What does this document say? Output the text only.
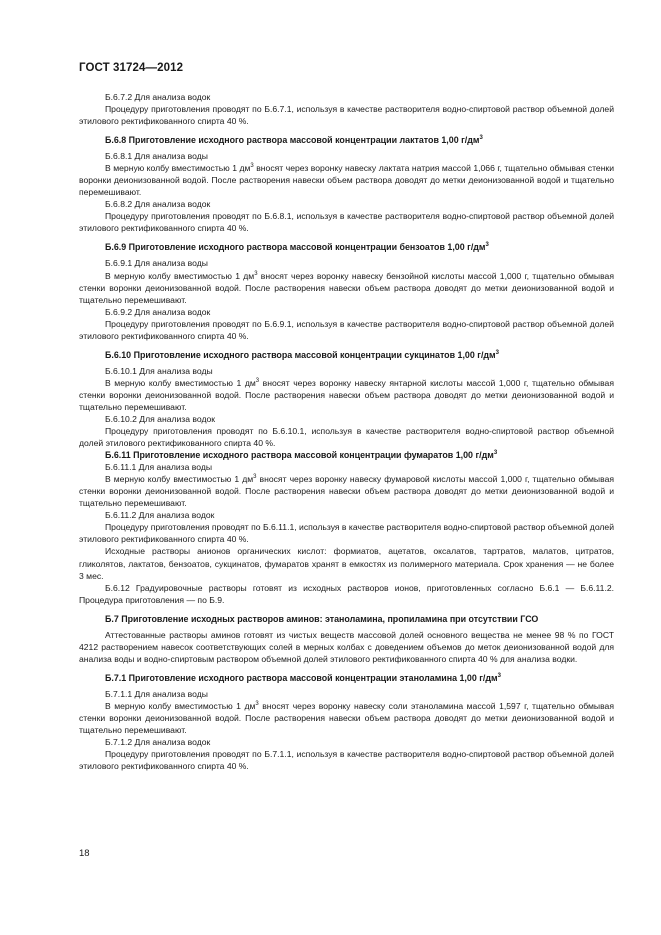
ГОСТ 31724—2012
Б.6.7.2 Для анализа водок
Процедуру приготовления проводят по Б.6.7.1, используя в качестве растворителя водно-спиртовой раствор объемной долей этилового ректификованного спирта 40 %.
Б.6.8 Приготовление исходного раствора массовой концентрации лактатов 1,00 $г/дм^3$
Б.6.8.1 Для анализа воды
В мерную колбу вместимостью 1 $дм^3$ вносят через воронку навеску лактата натрия массой 1,066 г, тщательно обмывая стенки воронки деионизованной водой. После растворения навески объем раствора доводят до метки деионизованной водой и тщательно перемешивают.
Б.6.8.2 Для анализа водок
Процедуру приготовления проводят по Б.6.8.1, используя в качестве растворителя водно-спиртовой раствор объемной долей этилового ректификованного спирта 40 %.
Б.6.9 Приготовление исходного раствора массовой концентрации бензоатов 1,00 $г/дм^3$
Б.6.9.1 Для анализа воды
В мерную колбу вместимостью 1 $дм^3$ вносят через воронку навеску бензойной кислоты массой 1,000 г, тщательно обмывая стенки воронки деионизованной водой. После растворения навески объем раствора доводят до метки деионизованной водой и тщательно перемешивают.
Б.6.9.2 Для анализа водок
Процедуру приготовления проводят по Б.6.9.1, используя в качестве растворителя водно-спиртовой раствор объемной долей этилового ректификованного спирта 40 %.
Б.6.10 Приготовление исходного раствора массовой концентрации сукцинатов 1,00 $г/дм^3$
Б.6.10.1 Для анализа воды
В мерную колбу вместимостью 1 $дм^3$ вносят через воронку навеску янтарной кислоты массой 1,000 г, тщательно обмывая стенки воронки деионизованной водой. После растворения навески объем раствора доводят до метки деионизованной водой и тщательно перемешивают.
Б.6.10.2 Для анализа водок
Процедуру приготовления проводят по Б.6.10.1, используя в качестве растворителя водно-спиртовой раствор объемной долей этилового ректификованного спирта 40 %.
Б.6.11 Приготовление исходного раствора массовой концентрации фумаратов 1,00 $г/дм^3$
Б.6.11.1 Для анализа воды
В мерную колбу вместимостью 1 $дм^3$ вносят через воронку навеску фумаровой кислоты массой 1,000 г, тщательно обмывая стенки воронки деионизованной водой. После растворения навески объем раствора доводят до метки деионизованной водой и тщательно перемешивают.
Б.6.11.2 Для анализа водок
Процедуру приготовления проводят по Б.6.11.1, используя в качестве растворителя водно-спиртовой раствор объемной долей этилового ректификованного спирта 40 %.
Исходные растворы анионов органических кислот: формиатов, ацетатов, оксалатов, тартратов, малатов, цитратов, гликолятов, лактатов, бензоатов, сукцинатов, фумаратов хранят в емкостях из полимерного материала. Срок хранения — не более 3 мес.
Б.6.12 Градуировочные растворы готовят из исходных растворов ионов, приготовленных согласно Б.6.1 — Б.6.11.2. Процедура приготовления — по Б.9.
Б.7 Приготовление исходных растворов аминов: этаноламина, пропиламина при отсутствии ГСО
Аттестованные растворы аминов готовят из чистых веществ массовой долей основного вещества не менее 98 % по ГОСТ 4212 растворением навесок соответствующих солей в мерных колбах с доведением объемов до меток деионизованной водой для анализа воды и водно-спиртовым раствором объемной долей этилового ректификованного спирта 40 % для анализа водки.
Б.7.1 Приготовление исходного раствора массовой концентрации этаноламина 1,00 $г/дм^3$
Б.7.1.1 Для анализа воды
В мерную колбу вместимостью 1 $дм^3$ вносят через воронку навеску соли этаноламина массой 1,597 г, тщательно обмывая стенки воронки деионизованной водой. После растворения навески объем раствора доводят до метки деионизованной водой и тщательно перемешивают.
Б.7.1.2 Для анализа водок
Процедуру приготовления проводят по Б.7.1.1, используя в качестве растворителя водно-спиртовой раствор объемной долей этилового ректификованного спирта 40 %.
18
